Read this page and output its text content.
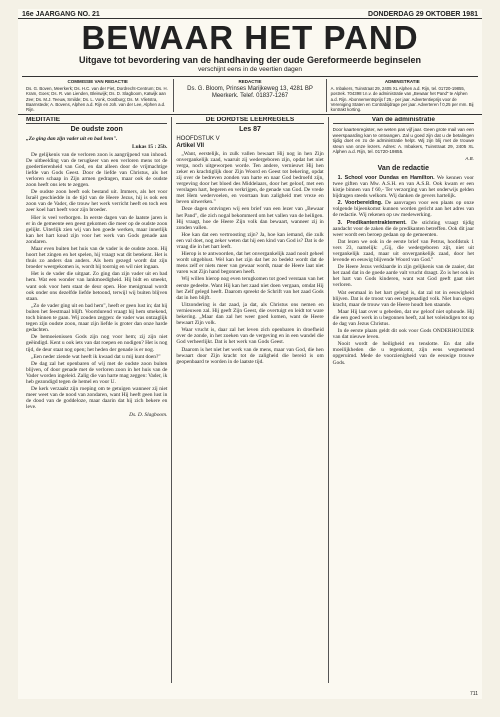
16e JAARGANG NO. 21	DONDERDAG 29 OKTOBER 1981
BEWAAR HET PAND
Uitgave tot bevordering van de handhaving der oude Gereformeerde beginselen
verschijnt eens in de veertien dagen
COMMISSIE VAN REDACTIE
Ds. G. Boven, Meerkerk; Ds. H.C. van der Fiet, Dordrecht-Centrum; Ds. H. Kram, Goes; Ds. R. van Lienden, Bleiswijk; Ds. D. Slagboom, Katwijk aan Zee; Ds. M.J. Teeuw, Smilde; Ds. L. Vonk, Oostburg; Ds. M. Vlietstra, Baarnstede; A. Bovens, Alphen a.d. Rijn en Joh. van der Lee, Alphen a.d. Rijn.
REDACTIE
Ds. G. Bloom, Prinses Marijkeweg 13, 4281 BP Meerkerk. Telef. 01837-1267
ADMINISTRATIE
A. Inbakers, Tuinstraat 29, 2405 XL Alphen a.d. Rijn, tel. 01720-19855, postrek. 704398 t.n.v. de administratie van „Bewaar het Pand" te Alphen a.d. Rijn. Abonnementsprijs f 25,- per jaar. Advertentieprijs voor de Vereniging Staten en Contrabijdrage per jaar. Adverteren f 0,25 per mm. Bij kontrakt korting.
MEDITATIE
De oudste zoon
„Zo ging dan zijn vader uit en bad hem".
Lukas 15 : 25b.

De gelijkenis van de verloren zoon is aangrijpend van inhoud. De uitbeelding van de terugkeer van een verloren mens tot de goedertierenheid van God, en dat alleen door de vrijmachtige liefde van Gods Geest. Door de liefde van Christus, als het verloren schaap in Zijn armen gedragen, maar ook de oudste zoon heeft ons iets te zeggen.

De oudste zoon heeft ook bestand uit. Immers, als het voor Israël geschiedde in de tijd van de Heere Jezus, hij is ook een zoon van de Vader, die trouw het werk verricht heeft en toch een zeer koel hart heeft voor zijn broeder.

Hier is veel verborgen. In eerste dagen van de laatste jaren is er in de gemeente een geest gekomen die meer op de oudste zoon gelijkt. Uiterlijk zien wij van hen goede werken, maar innerlijk kan het hart koud zijn voor het werk van Gods genade aan zondaren.

Maar even buiten het huis van de vader is de oudste zoon. Hij hoort het zingen en het spelen, hij vraagt wat dit betekent. Het is thuis zo anders dan anders. Als hem gezegd wordt dat zijn broeder weergekomen is, wordt hij toornig en wil niet ingaan.

Het is de vader die uitgaat. Zo ging dan zijn vader uit en bad hem. Wat een wonder van lankmoedigheid. Hij bidt en smeekt, want ook voor hem staat de deur open. Hoe menigmaal wordt ook onder ons dezelfde liefde betoond, terwijl wij buiten blijven staan.

„Zo de vader ging uit en bad hem", heeft er geen lust in; dat hij buiten het feestmaal blijft. Voortdurend vraagt hij hem smekend, toch binnen te gaan. Wij zouden zeggen: de vader was ontzaglijk tegen zijn oudste zoon, maar zijn liefde is groter dan onze harde gedachten.

De bemoeienissen Gods zijn nog voor hem; zij zijn niet geëindigd. Kent u ook iets van dat roepen en nodigen? Het is nog tijd, de deur staat nog open; het heden der genade is er nog.

„Een neder ziende wat heeft ik kwaad dat u mij kunt doen?"

De dag zal het openbaren of wij met de oudste zoon buiten blijven, of door genade met de verloren zoon in het huis van de Vader worden ingeleid. Zalig die van harte mag zeggen: Vader, ik heb gezondigd tegen de hemel en voor U.

De kerk verzaakt zijn roeping om te getuigen wanneer zij niet meer weet van de nood van zondaren, want Hij heeft geen lust in de dood van de goddeloze, maar daarin dat hij zich bekere en leve.

Ds. D. Slagboom.
DE DORDTSE LEERREGELS
Les 87
HOOFDSTUK V
Artikel VII

„Want, eerstelijk, in zulk vallen bewaart Hij nog in hen Zijn onvergankelijk zaad, waaruit zij wedergeboren zijn, opdat het niet verga, noch uitgeworpen worde. Ten andere, vernieuwt Hij hen zeker en krachtiglijk door Zijn Woord en Geest tot bekering, opdat zij over de bedreven zonden van harte en naar God bedroefd zijn, vergeving door het bloed des Middelaars, door het geloof, met een verslagen hart, begeren en verkrijgen, de genade van God. De vrede met Hem wedervoelen, en voortaan hun zaligheid met vreze en beven uitwerken."

Deze dagen ontvingen wij een brief van een lezer van „Bewaar het Pand", die zich nogal bekommerd om het vallen van de heiligen. Hij vraagt, hoe de Heere Zijn volk dan bewaart, wanneer zij in zonden vallen.

Hoe kan dat een vertroosting zijn? Ja, hoe kan iemand, die zulk een val doet, nog zeker weten dat hij een kind van God is? Dat is de vraag die in het hart leeft.

Hierop is te antwoorden, dat het onvergankelijk zaad nooit geheel wordt uitgeblust. Wel kan het zijn dat het zo bedekt wordt dat de mens zelf er niets meer van gewaar wordt, maar de Heere laat niet varen wat Zijn hand begonnen heeft.

Wij willen hierop nog even terugkomen tot goed verstaan van het eerste gedeelte. Want Hij kan het zaad niet doen vergaan, omdat Hij het Zelf gelegd heeft. Daarom spreekt de Schrift van het zaad Gods dat in hen blijft.

Uitzondering is dat zaad, ja dat, als Christus ons nemen en vernieuwen zal. Hij geeft Zijn Geest, die overtuigt en leidt tot ware bekering. „Maar dan zal het weer goed komen, want de Heere bewaart Zijn volk.

Waar vrucht is, daar zal het leven zich openbaren in droefheid over de zonde, in het zoeken van de vergeving en in een wandel die God verheerlijkt. Dat is het werk van Gods Geest.

Daarom is het niet het werk van de mens, maar van God, die hen bewaart door Zijn kracht tot de zaligheid die bereid is om geopenbaard te worden in de laatste tijd.

Van de administratie
Door kaartenregister, we weten pas vijf jaar. Geen grote mail van een weerspaarding kan te ontvangen. Zal u goed zijn dat u de betalingen tijdig doet en zo de administratie helpt. Wij zijn blij met de trouwe steun van onze lezers. Adres: A. Inbakers, Tuinstraat 29, 2405 XL Alphen a.d. Rijn, tel. 01720-19855.
A.B.
Van de redactie

1. School voor Dundas en Hamilton. We kennen voor twee giften van Mw. A.S.H. en van A.S.B. Ook kwam er een kistje binnen van f 60,- Ter verzorging van het onderwijs gelden bijdragen steeds welkom. Wij danken de gevers hartelijk.

2. Voorbereiding. De aanvragen voor een plaats op onze volgende bijeenkomst kunnen worden gericht aan het adres van de redactie. Wij rekenen op uw medewerking.

3. Predikantentraktement. De stichting vraagt tijdig aandacht voor de zaken die de predikanten betreffen. Ook dit jaar weer wordt een beroep gedaan op de gemeenten.

Dat lezen we ook in de eerste brief van Petrus, hoofdstuk 1 vers 23, namelijk: „Gij, die wedergeboren zijt, niet uit vergankelijk zaad, maar uit onvergankelijk zaad, door het levende en eeuwig blijvende Woord van God."

De Heere Jezus verklaarde in zijn gelijkenis van de zaaier, dat het zaad dat in de goede aarde valt vrucht draagt. Zo is het ook in het hart van Gods kinderen, want wat God geeft gaat niet verloren.

Wat eenmaal in het hart gelegd is, dat zal tot in eeuwigheid blijven. Dat is de troost van een begenadigd volk. Niet hun eigen kracht, maar de trouw van de Heere houdt hen staande.

Maar Hij laat over u gebeden, dat uw geloof niet ophoude. Hij die een goed werk in u begonnen heeft, zal het voleindigen tot op de dag van Jezus Christus.

In de eerste plaats geldt dit ook voor Gods ONDERHOUDER van dat nieuwe leven.

Nooit wordt de heiligheid en tenslotte. En dat alle moeilijkheden die u tegenkomt, zijn eens wegnemend opgeruimd. Mede de voorzienigheid van de eeuwige trouwe Gods.

711
